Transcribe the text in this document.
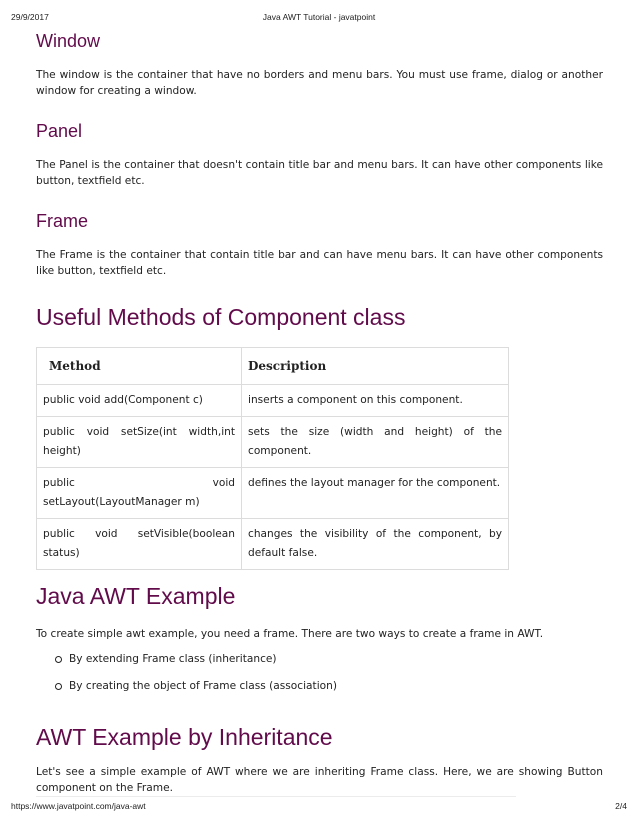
29/9/2017	Java AWT Tutorial - javatpoint
Window

The window is the container that have no borders and menu bars. You must use frame, dialog or another window for creating a window.

Panel

The Panel is the container that doesn't contain title bar and menu bars. It can have other components like button, textfield etc.

Frame

The Frame is the container that contain title bar and can have menu bars. It can have other components like button, textfield etc.

Useful Methods of Component class
Java AWT Example

To create simple awt example, you need a frame. There are two ways to create a frame in AWT.

AWT Example by Inheritance

Let's see a simple example of AWT where we are inheriting Frame class. Here, we are showing Button component on the Frame.

Method	Description
public void add(Component c)	inserts a component on this component.
public void setSize(int width,int height)	sets the size (width and height) of the component.
public void setLayout(LayoutManager m)	defines the layout manager for the component.
public void setVisible(boolean status)	changes the visibility of the component, by default false.
By extending Frame class (inheritance)
By creating the object of Frame class (association)
https://www.javatpoint.com/java-awt	2/4
